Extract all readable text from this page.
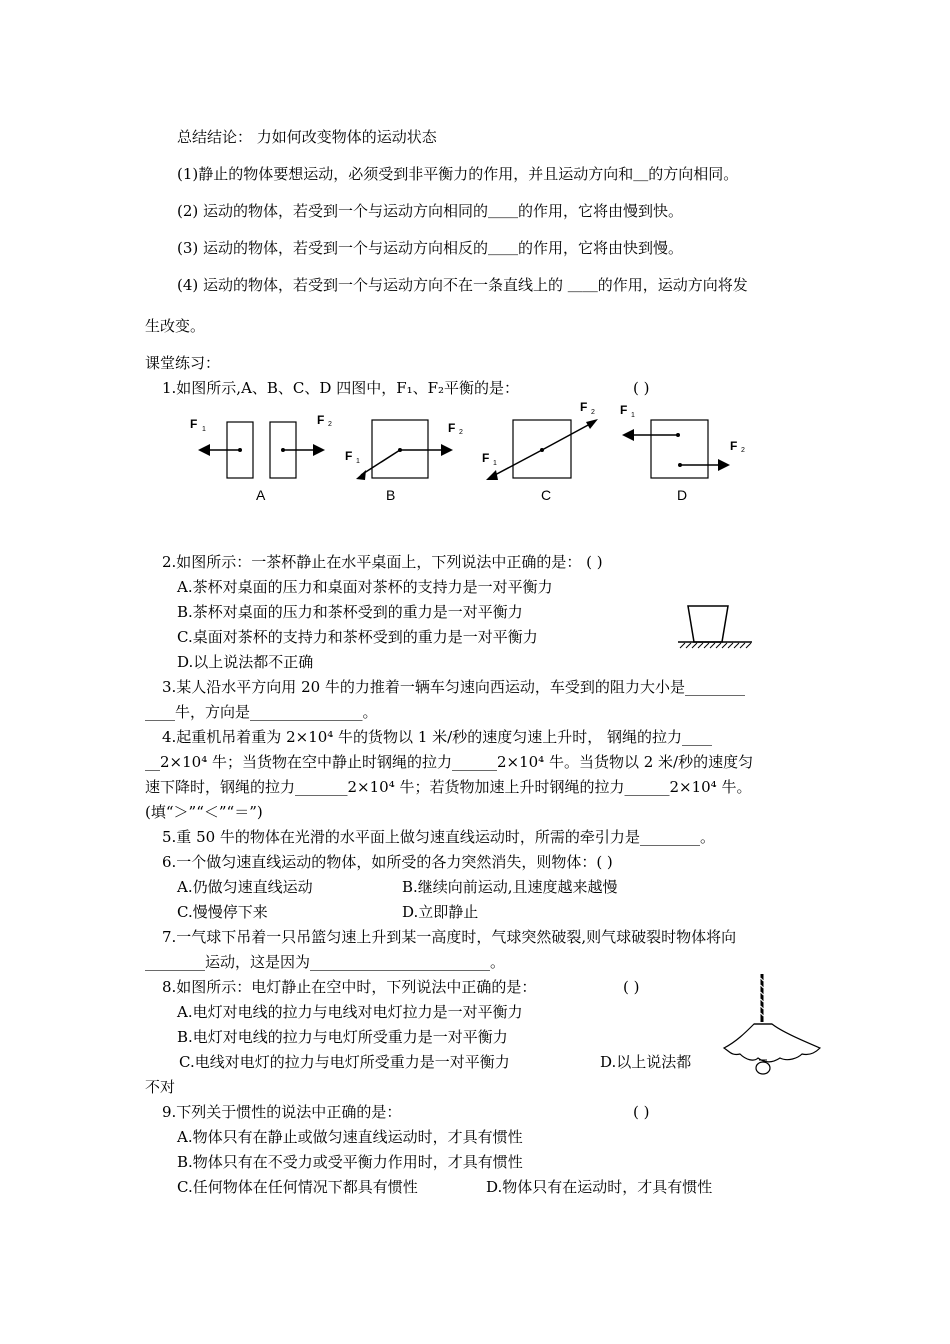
总结结论： 力如何改变物体的运动状态
(1)静止的物体要想运动，必须受到非平衡力的作用，并且运动方向和＿的方向相同。
(2) 运动的物体，若受到一个与运动方向相同的＿＿的作用，它将由慢到快。
(3) 运动的物体，若受到一个与运动方向相反的＿＿的作用，它将由快到慢。
(4) 运动的物体，若受到一个与运动方向不在一条直线上的 ＿＿的作用，运动方向将发
生改变。
课堂练习：
1.如图所示,A、B、C、D 四图中，F₁、F₂平衡的是：	( )
F 1
F 2
A
F 1
F 2
B
F 1
F 2
C
F 1
F 2
D
2.如图所示：一茶杯静止在水平桌面上，下列说法中正确的是： ( )
A.茶杯对桌面的压力和桌面对茶杯的支持力是一对平衡力
B.茶杯对桌面的压力和茶杯受到的重力是一对平衡力
C.桌面对茶杯的支持力和茶杯受到的重力是一对平衡力
D.以上说法都不正确
3.某人沿水平方向用 20 牛的力推着一辆车匀速向西运动，车受到的阻力大小是________
____牛，方向是_______________。
4.起重机吊着重为 2×10⁴ 牛的货物以 1 米/秒的速度匀速上升时， 钢绳的拉力____
__2×10⁴ 牛；当货物在空中静止时钢绳的拉力______2×10⁴ 牛。当货物以 2 米/秒的速度匀
速下降时，钢绳的拉力_______2×10⁴ 牛；若货物加速上升时钢绳的拉力______2×10⁴ 牛。
(填“＞”“＜”“＝”)
5.重 50 牛的物体在光滑的水平面上做匀速直线运动时，所需的牵引力是________。
6.一个做匀速直线运动的物体，如所受的各力突然消失，则物体：( )
A.仍做匀速直线运动	B.继续向前运动,且速度越来越慢
C.慢慢停下来	D.立即静止
7.一气球下吊着一只吊篮匀速上升到某一高度时，气球突然破裂,则气球破裂时物体将向
________运动，这是因为________________________。
8.如图所示：电灯静止在空中时，下列说法中正确的是：	( )
A.电灯对电线的拉力与电线对电灯拉力是一对平衡力
B.电灯对电线的拉力与电灯所受重力是一对平衡力
C.电线对电灯的拉力与电灯所受重力是一对平衡力	D.以上说法都
不对
9.下列关于惯性的说法中正确的是：	( )
A.物体只有在静止或做匀速直线运动时，才具有惯性
B.物体只有在不受力或受平衡力作用时，才具有惯性
C.任何物体在任何情况下都具有惯性	D.物体只有在运动时，才具有惯性
